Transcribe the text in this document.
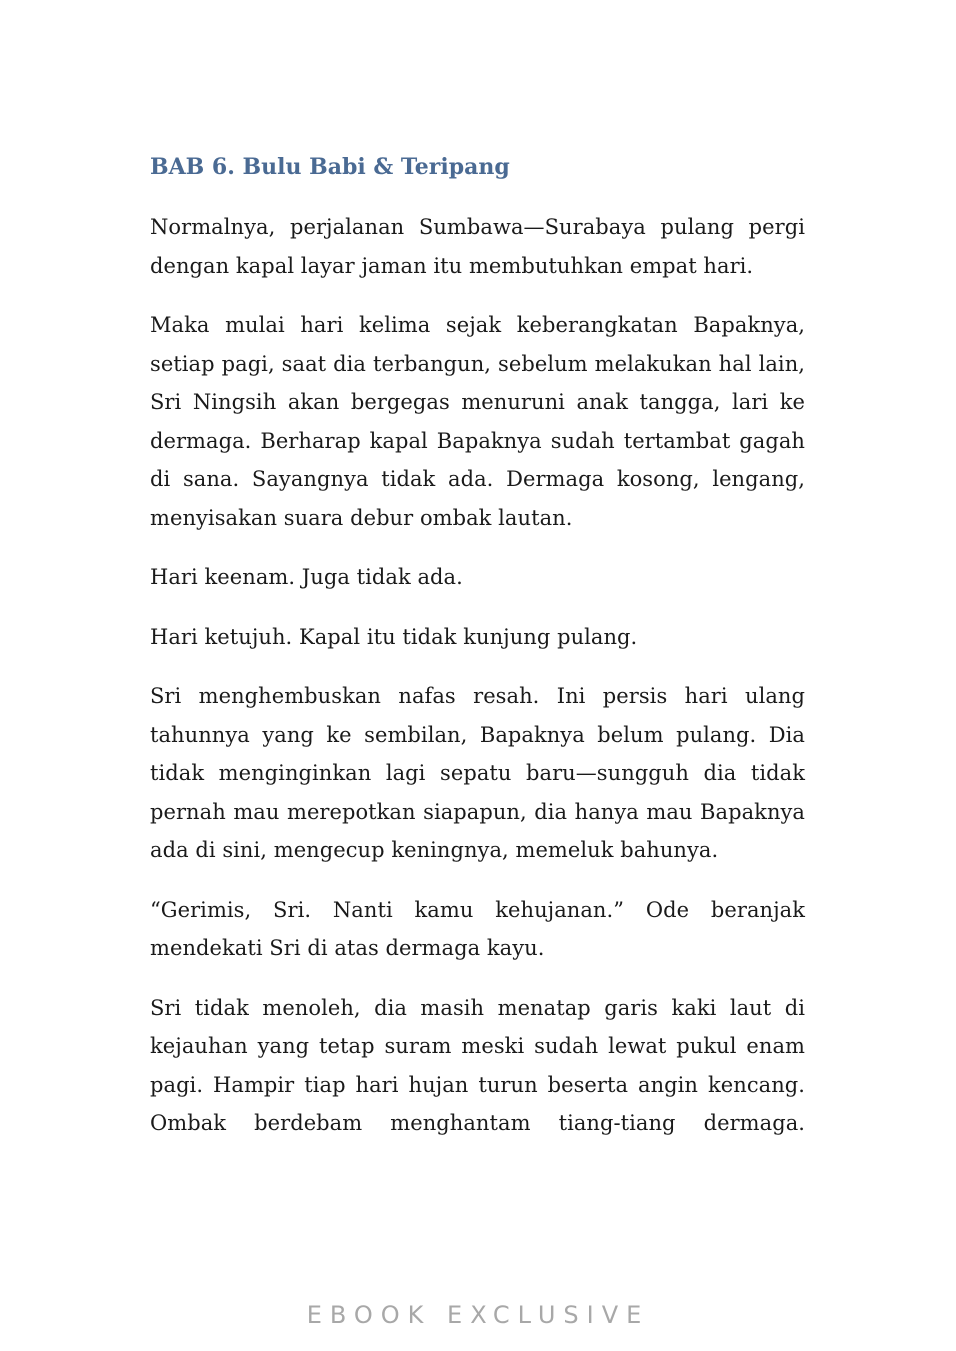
BAB 6. Bulu Babi & Teripang

Normalnya, perjalanan Sumbawa—Surabaya pulang pergi dengan kapal layar jaman itu membutuhkan empat hari.

Maka mulai hari kelima sejak keberangkatan Bapaknya, setiap pagi, saat dia terbangun, sebelum melakukan hal lain, Sri Ningsih akan bergegas menuruni anak tangga, lari ke dermaga. Berharap kapal Bapaknya sudah tertambat gagah di sana. Sayangnya tidak ada. Dermaga kosong, lengang, menyisakan suara debur ombak lautan.

Hari keenam. Juga tidak ada.

Hari ketujuh. Kapal itu tidak kunjung pulang.

Sri menghembuskan nafas resah. Ini persis hari ulang tahunnya yang ke sembilan, Bapaknya belum pulang. Dia tidak menginginkan lagi sepatu baru—sungguh dia tidak pernah mau merepotkan siapapun, dia hanya mau Bapaknya ada di sini, mengecup keningnya, memeluk bahunya.

“Gerimis, Sri. Nanti kamu kehujanan.” Ode beranjak mendekati Sri di atas dermaga kayu.

Sri tidak menoleh, dia masih menatap garis kaki laut di kejauhan yang tetap suram meski sudah lewat pukul enam pagi. Hampir tiap hari hujan turun beserta angin kencang. Ombak berdebam menghantam tiang-tiang dermaga.

EBOOK EXCLUSIVE
